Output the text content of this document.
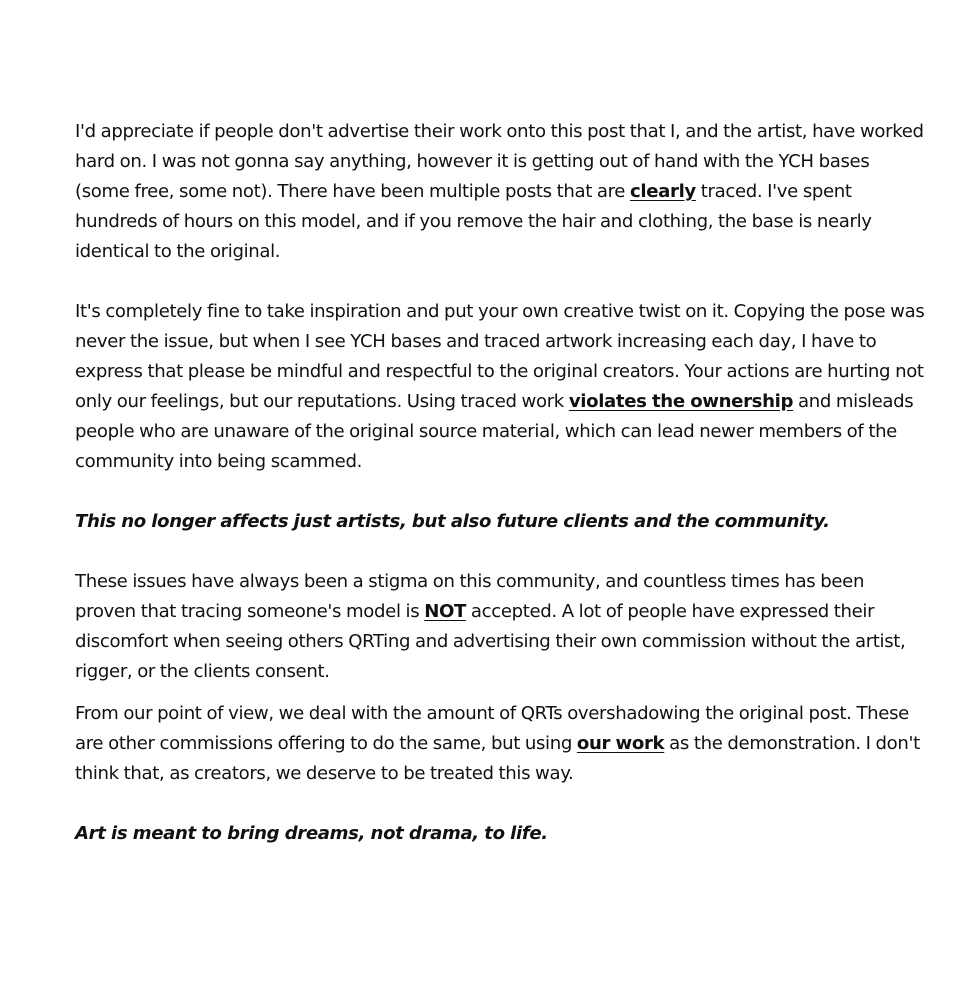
I'd appreciate if people don't advertise their work onto this post that I, and the artist, have worked hard on. I was not gonna say anything, however it is getting out of hand with the YCH bases (some free, some not). There have been multiple posts that are clearly traced. I've spent hundreds of hours on this model, and if you remove the hair and clothing, the base is nearly identical to the original.

It's completely fine to take inspiration and put your own creative twist on it. Copying the pose was never the issue, but when I see YCH bases and traced artwork increasing each day, I have to express that please be mindful and respectful to the original creators. Your actions are hurting not only our feelings, but our reputations. Using traced work violates the ownership and misleads people who are unaware of the original source material, which can lead newer members of the community into being scammed.

This no longer affects just artists, but also future clients and the community.

These issues have always been a stigma on this community, and countless times has been proven that tracing someone's model is NOT accepted. A lot of people have expressed their discomfort when seeing others QRTing and advertising their own commission without the artist, rigger, or the clients consent.

From our point of view, we deal with the amount of QRTs overshadowing the original post. These are other commissions offering to do the same, but using our work as the demonstration. I don't think that, as creators, we deserve to be treated this way.

Art is meant to bring dreams, not drama, to life.
